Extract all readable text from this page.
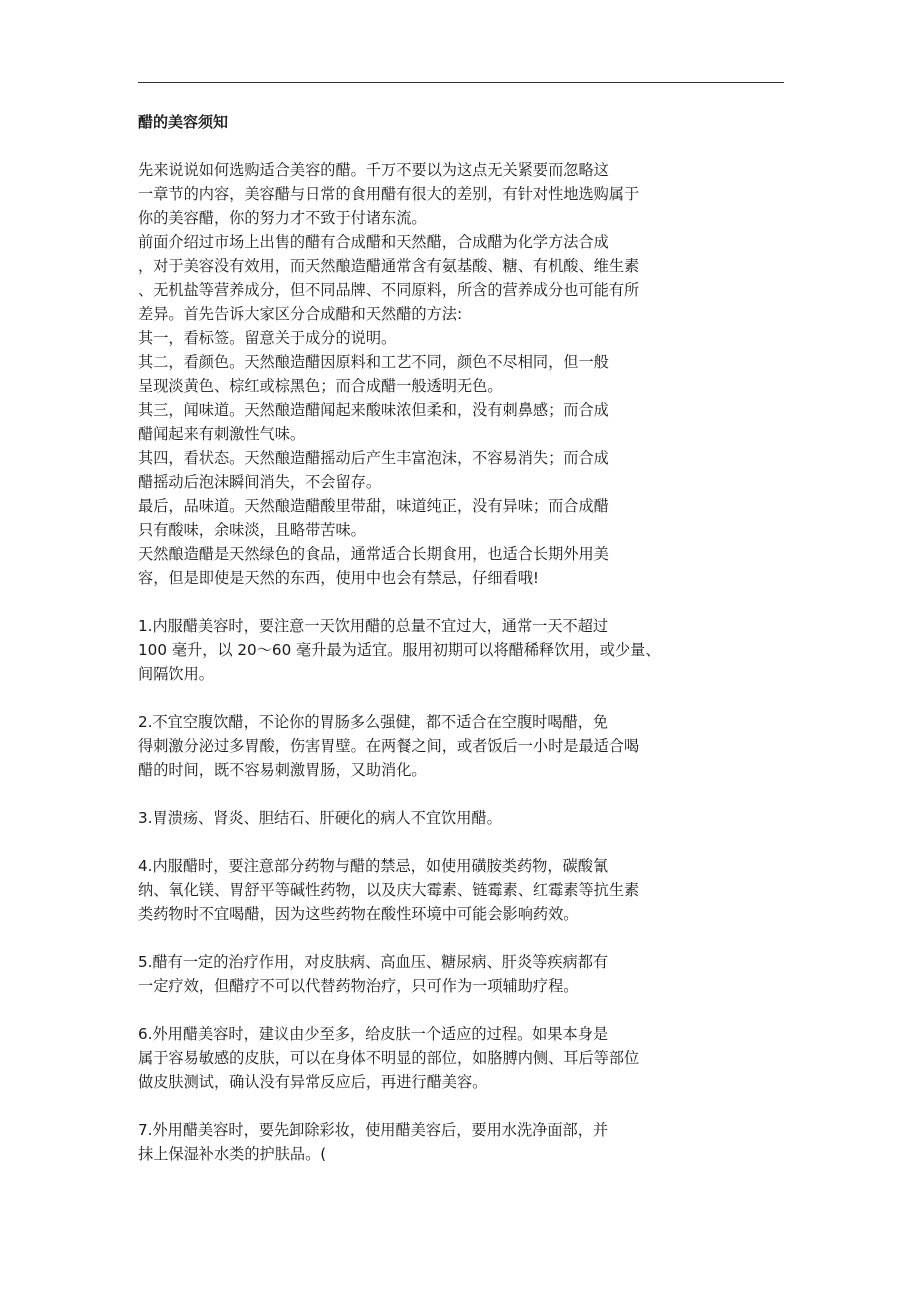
醋的美容须知
先来说说如何选购适合美容的醋。千万不要以为这点无关紧要而忽略这
一章节的内容，美容醋与日常的食用醋有很大的差别，有针对性地选购属于
你的美容醋，你的努力才不致于付诸东流。
前面介绍过市场上出售的醋有合成醋和天然醋，合成醋为化学方法合成
，对于美容没有效用，而天然酿造醋通常含有氨基酸、糖、有机酸、维生素
、无机盐等营养成分，但不同品牌、不同原料，所含的营养成分也可能有所
差异。首先告诉大家区分合成醋和天然醋的方法:
其一，看标签。留意关于成分的说明。
其二，看颜色。天然酿造醋因原料和工艺不同，颜色不尽相同，但一般
呈现淡黄色、棕红或棕黑色；而合成醋一般透明无色。
其三，闻味道。天然酿造醋闻起来酸味浓但柔和，没有刺鼻感；而合成
醋闻起来有刺激性气味。
其四，看状态。天然酿造醋摇动后产生丰富泡沫，不容易消失；而合成
醋摇动后泡沫瞬间消失，不会留存。
最后，品味道。天然酿造醋酸里带甜，味道纯正，没有异味；而合成醋
只有酸味，余味淡，且略带苦味。
天然酿造醋是天然绿色的食品，通常适合长期食用，也适合长期外用美
容，但是即使是天然的东西，使用中也会有禁忌，仔细看哦!
1.内服醋美容时，要注意一天饮用醋的总量不宜过大，通常一天不超过
100 毫升，以 20～60 毫升最为适宜。服用初期可以将醋稀释饮用，或少量、
间隔饮用。
2.不宜空腹饮醋，不论你的胃肠多么强健，都不适合在空腹时喝醋，免
得刺激分泌过多胃酸，伤害胃壁。在两餐之间，或者饭后一小时是最适合喝
醋的时间，既不容易刺激胃肠，又助消化。
3.胃溃疡、肾炎、胆结石、肝硬化的病人不宜饮用醋。
4.内服醋时，要注意部分药物与醋的禁忌，如使用磺胺类药物，碳酸氰
纳、氧化镁、胃舒平等碱性药物，以及庆大霉素、链霉素、红霉素等抗生素
类药物时不宜喝醋，因为这些药物在酸性环境中可能会影响药效。
5.醋有一定的治疗作用，对皮肤病、高血压、糖尿病、肝炎等疾病都有
一定疗效，但醋疗不可以代替药物治疗，只可作为一项辅助疗程。
6.外用醋美容时，建议由少至多，给皮肤一个适应的过程。如果本身是
属于容易敏感的皮肤，可以在身体不明显的部位，如胳膊内侧、耳后等部位
做皮肤测试，确认没有异常反应后，再进行醋美容。
7.外用醋美容时，要先卸除彩妆，使用醋美容后，要用水洗净面部，并
抹上保湿补水类的护肤品。(
